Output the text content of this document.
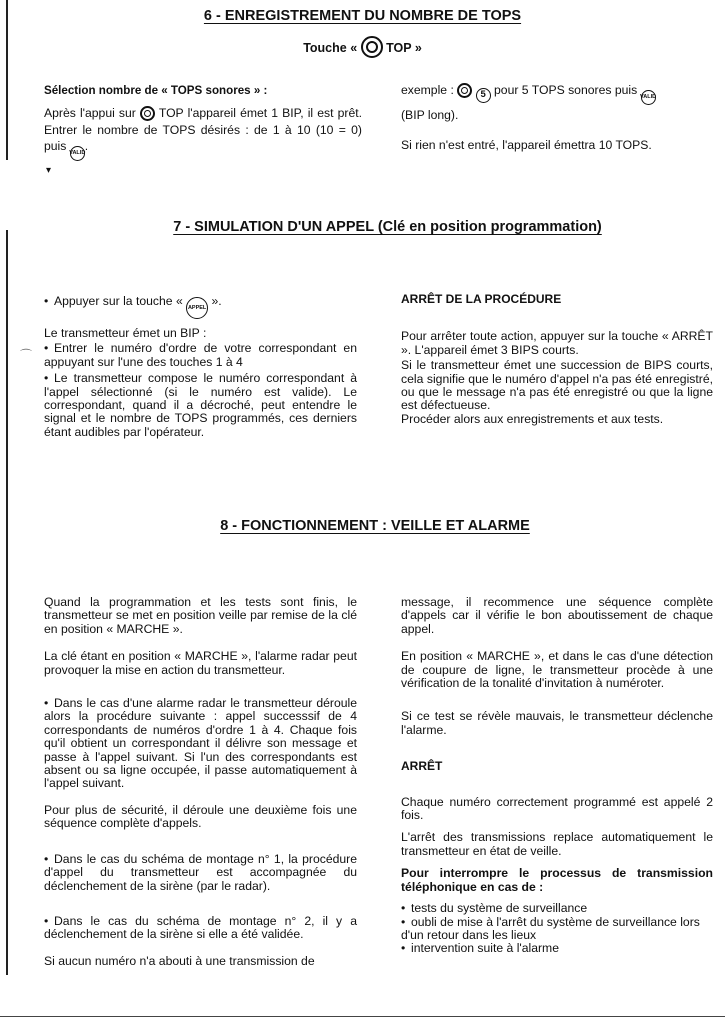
▾
6 - ENREGISTREMENT DU NOMBRE DE TOPS
Touche « TOP »

Sélection nombre de « TOPS sonores » :

Après l'appui sur TOP l'appareil émet 1 BIP, il est prêt. Entrer le nombre de TOPS désirés : de 1 à 10 (10 = 0) puis VALID.

exemple :	5 pour 5 TOPS sonores puis VALID
(BIP long).

Si rien n'est entré, l'appareil émettra 10 TOPS.

7 - SIMULATION D'UN APPEL (Clé en position programmation)

• Appuyer sur la touche « APPEL ».

Le transmetteur émet un BIP :

• Entrer le numéro d'ordre de votre correspondant en appuyant sur l'une des touches 1 à 4

• Le transmetteur compose le numéro correspondant à l'appel sélectionné (si le numéro est valide). Le correspondant, quand il a décroché, peut entendre le signal et le nombre de TOPS programmés, ces derniers étant audibles par l'opérateur.

⌒

ARRÊT DE LA PROCÉDURE

Pour arrêter toute action, appuyer sur la touche « ARRÊT ». L'appareil émet 3 BIPS courts.

Si le transmetteur émet une succession de BIPS courts, cela signifie que le numéro d'appel n'a pas été enregistré, ou que le message n'a pas été enregistré ou que la ligne est défectueuse.

Procéder alors aux enregistrements et aux tests.

8 - FONCTIONNEMENT : VEILLE ET ALARME

Quand la programmation et les tests sont finis, le transmetteur se met en position veille par remise de la clé en position « MARCHE ».

La clé étant en position « MARCHE », l'alarme radar peut provoquer la mise en action du transmetteur.

• Dans le cas d'une alarme radar le transmetteur déroule alors la procédure suivante : appel successsif de 4 correspondants de numéros d'ordre 1 à 4. Chaque fois qu'il obtient un correspondant il délivre son message et passe à l'appel suivant. Si l'un des correspondants est absent ou sa ligne occupée, il passe automatiquement à l'appel suivant.

Pour plus de sécurité, il déroule une deuxième fois une séquence complète d'appels.

• Dans le cas du schéma de montage n° 1, la procédure d'appel du transmetteur est accompagnée du déclenchement de la sirène (par le radar).

• Dans le cas du schéma de montage n° 2, il y a déclenchement de la sirène si elle a été validée.

Si aucun numéro n'a abouti à une transmission de

message, il recommence une séquence complète d'appels car il vérifie le bon aboutissement de chaque appel.

En position « MARCHE », et dans le cas d'une détection de coupure de ligne, le transmetteur procède à une vérification de la tonalité d'invitation à numéroter.

Si ce test se révèle mauvais, le transmetteur déclenche l'alarme.

ARRÊT

Chaque numéro correctement programmé est appelé 2 fois.

L'arrêt des transmissions replace automatiquement le transmetteur en état de veille.

Pour interrompre le processus de transmission téléphonique en cas de :

• tests du système de surveillance

• oubli de mise à l'arrêt du système de surveillance lors d'un retour dans les lieux

• intervention suite à l'alarme
